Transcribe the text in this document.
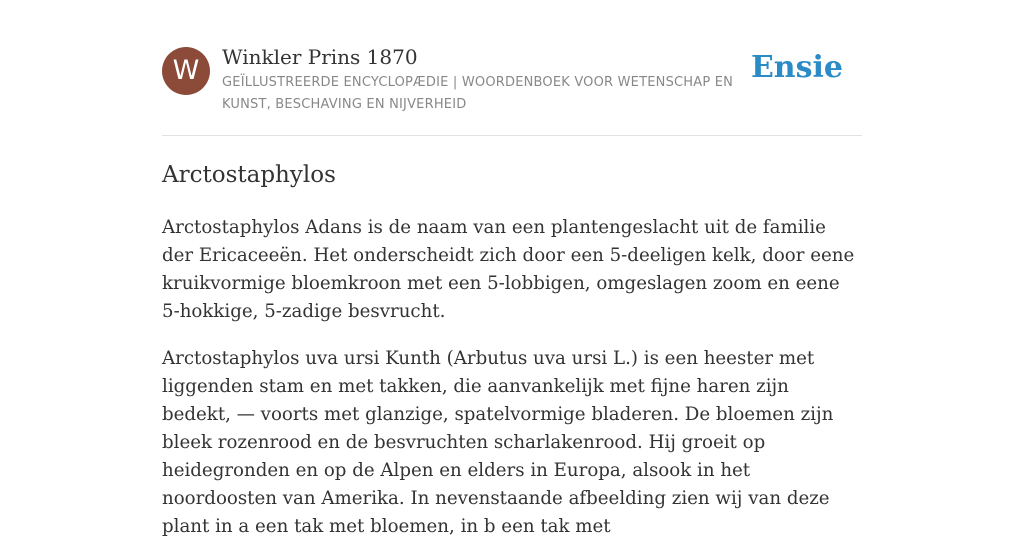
W	Winkler Prins 1870
GEÏLLUSTREERDE ENCYCLOPÆDIE | WOORDENBOEK VOOR WETENSCHAP EN KUNST, BESCHAVING EN NIJVERHEID
Ensie
Arctostaphylos

Arctostaphylos Adans is de naam van een plantengeslacht uit de familie der Ericaceeën. Het onderscheidt zich door een 5-deeligen kelk, door eene kruikvormige bloemkroon met een 5-lobbigen, omgeslagen zoom en eene 5-hokkige, 5-zadige besvrucht.

Arctostaphylos uva ursi Kunth (Arbutus uva ursi L.) is een heester met liggenden stam en met takken, die aanvankelijk met fijne haren zijn bedekt, — voorts met glanzige, spatelvormige bladeren. De bloemen zijn bleek rozenrood en de besvruchten scharlakenrood. Hij groeit op heidegronden en op de Alpen en elders in Europa, alsook in het noordoosten van Amerika. In nevenstaande afbeelding zien wij van deze plant in a een tak met bloemen, in b een tak met
